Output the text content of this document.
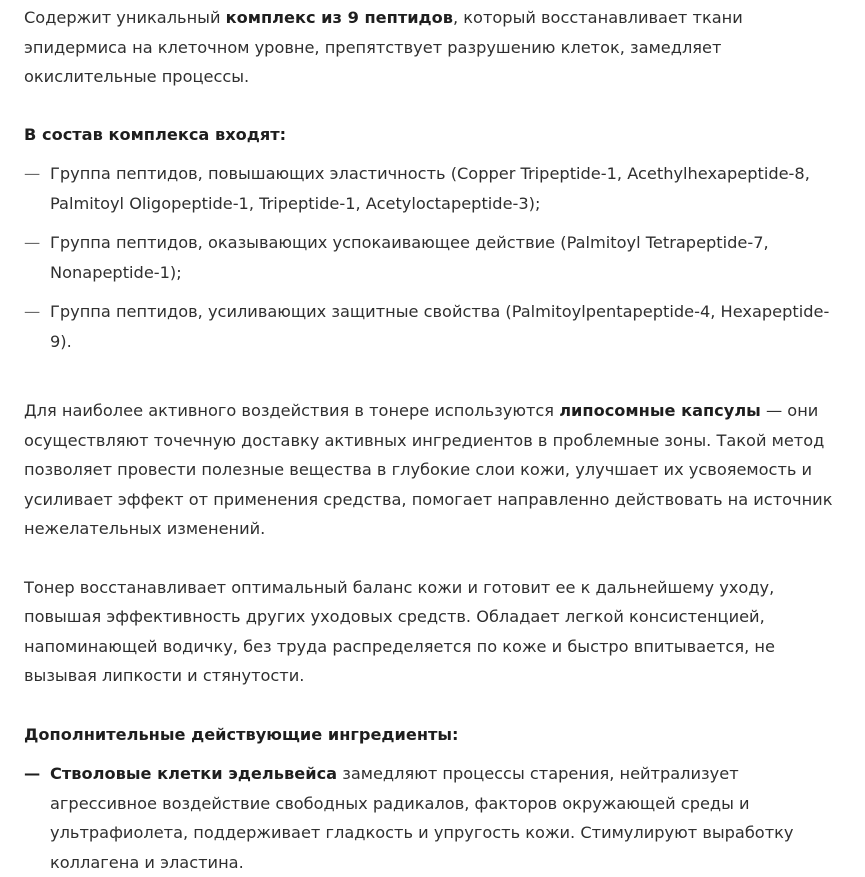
Содержит уникальный комплекс из 9 пептидов, который восстанавливает ткани эпидермиса на клеточном уровне, препятствует разрушению клеток, замедляет окислительные процессы.

В состав комплекса входят:
— Группа пептидов, повышающих эластичность (Copper Tripeptide-1, Acethylhexapeptide-8, Palmitoyl Oligopeptide-1, Tripeptide-1, Acetyloctapeptide-3);
— Группа пептидов, оказывающих успокаивающее действие (Palmitoyl Tetrapeptide-7, Nonapeptide-1);
— Группа пептидов, усиливающих защитные свойства (Palmitoylpentapeptide-4, Hexapeptide-9).

Для наиболее активного воздействия в тонере используются липосомные капсулы — они осуществляют точечную доставку активных ингредиентов в проблемные зоны. Такой метод позволяет провести полезные вещества в глубокие слои кожи, улучшает их усвояемость и усиливает эффект от применения средства, помогает направленно действовать на источник нежелательных изменений.

Тонер восстанавливает оптимальный баланс кожи и готовит ее к дальнейшему уходу, повышая эффективность других уходовых средств. Обладает легкой консистенцией, напоминающей водичку, без труда распределяется по коже и быстро впитывается, не вызывая липкости и стянутости.

Дополнительные действующие ингредиенты:
— Стволовые клетки эдельвейса замедляют процессы старения, нейтрализует агрессивное воздействие свободных радикалов, факторов окружающей среды и ультрафиолета, поддерживает гладкость и упругость кожи. Стимулируют выработку коллагена и эластина.
